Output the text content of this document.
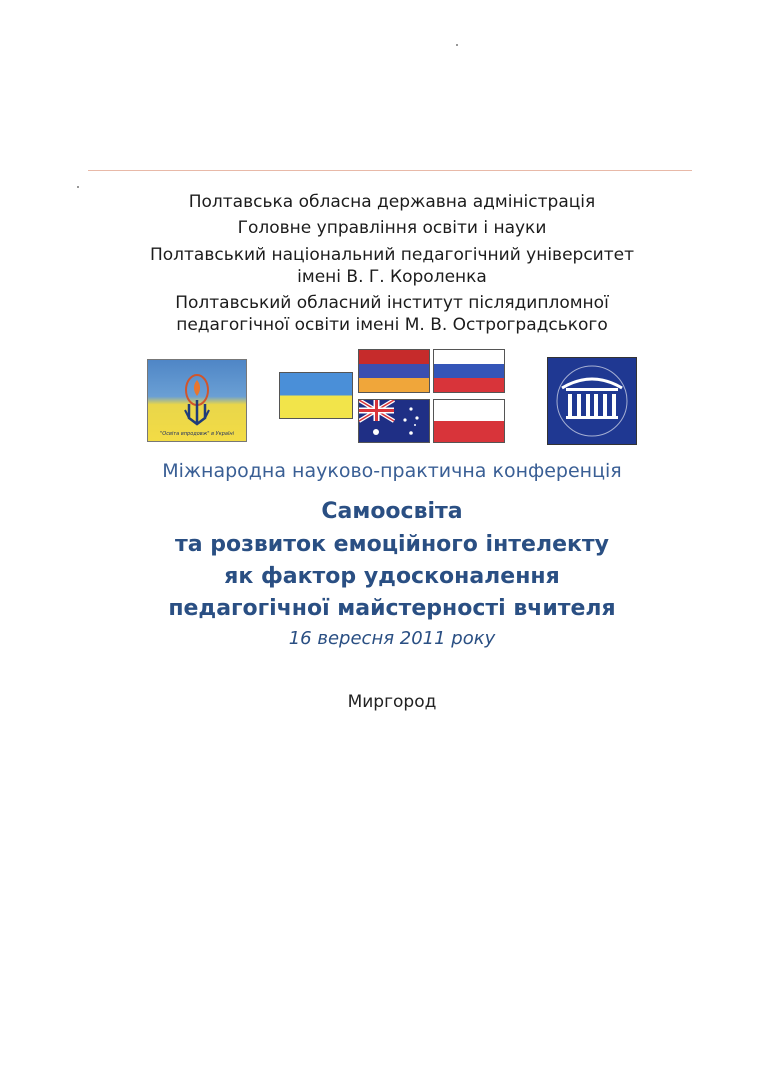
Полтавська обласна державна адміністрація
Головне управління освіти і науки
Полтавський національний педагогічний університет
імені В. Г. Короленка
Полтавський обласний інститут післядипломної
педагогічної освіти імені М. В. Остроградського
"Освіта впродовж" в Україні
Міжнародна науково-практична конференція
Самоосвіта
та розвиток емоційного інтелекту
як фактор удосконалення
педагогічної майстерності вчителя
16 вересня 2011 року
Миргород
